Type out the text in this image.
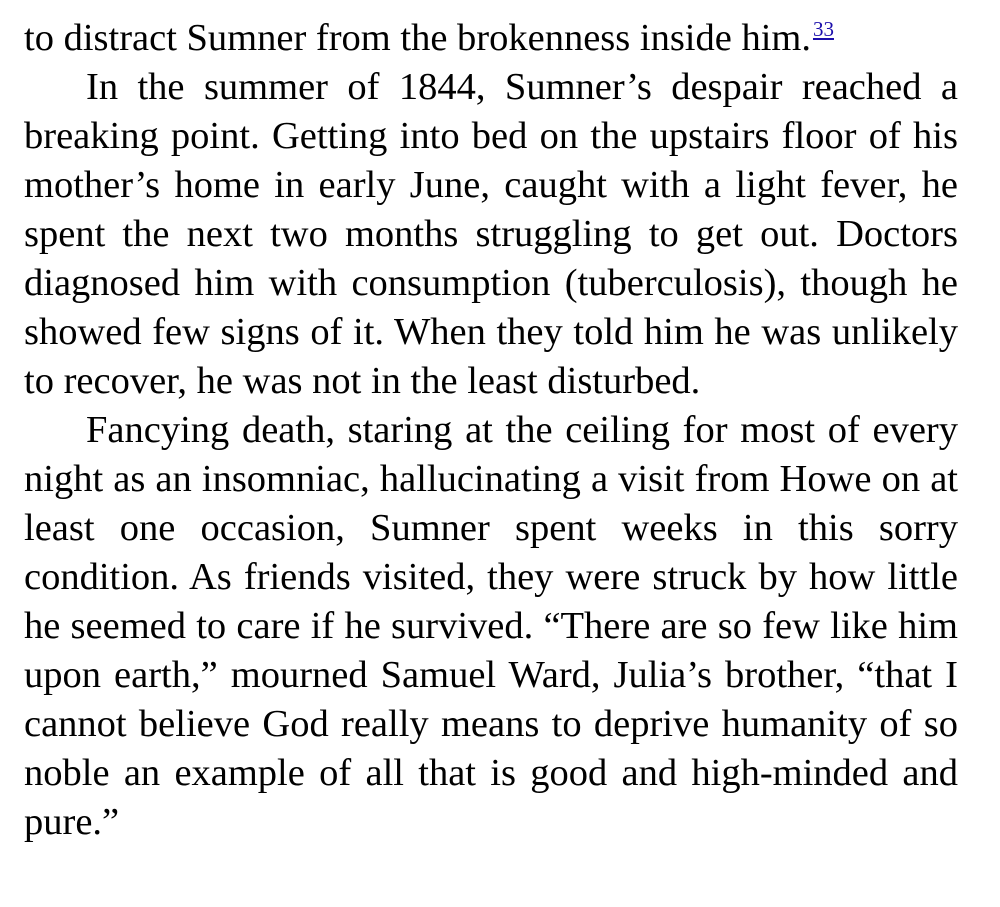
to distract Sumner from the brokenness inside him.$^{33}$

In the summer of 1844, Sumner’s despair reached a breaking point. Getting into bed on the upstairs floor of his mother’s home in early June, caught with a light fever, he spent the next two months struggling to get out. Doctors diagnosed him with consumption (tuberculosis), though he showed few signs of it. When they told him he was unlikely to recover, he was not in the least disturbed.

Fancying death, staring at the ceiling for most of every night as an insomniac, hallucinating a visit from Howe on at least one occasion, Sumner spent weeks in this sorry condition. As friends visited, they were struck by how little he seemed to care if he survived. “There are so few like him upon earth,” mourned Samuel Ward, Julia’s brother, “that I cannot believe God really means to deprive humanity of so noble an example of all that is good and high-minded and pure.”
